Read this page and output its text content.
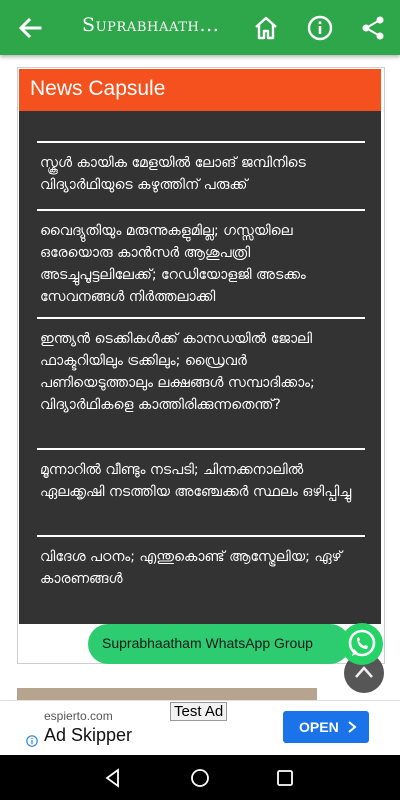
Suprabhaath...
News Capsule
സ്കൂൾ കായിക മേളയിൽ ലോങ് ജമ്പിനിടെ വിദ്യാർഥിയുടെ കഴുത്തിന് പരുക്ക്
വൈദ്യുതിയും മരുന്നുകളുമില്ല; ഗസ്സയിലെ ഒരേയൊരു കാൻസർ ആശുപത്രി അടച്ചുപൂട്ടലിലേക്ക്; റേഡിയോളജി അടക്കം സേവനങ്ങൾ നിർത്തലാക്കി
ഇന്ത്യൻ ടെക്കികൾക്ക് കാനഡയിൽ ജോലി ഫാക്ടറിയിലും ട്രക്കിലും; ഡ്രൈവർ പണിയെടുത്താലും ലക്ഷങ്ങൾ സമ്പാദിക്കാം; വിദ്യാർഥികളെ കാത്തിരിക്കുന്നതെന്ത്?
മൂന്നാറിൽ വീണ്ടും നടപടി; ചിന്നക്കനാലിൽ ഏലക്കൃഷി നടത്തിയ അഞ്ചേക്കർ സ്ഥലം ഒഴിപ്പിച്ചു
വിദേശ പഠനം; എന്തുകൊണ്ട് ആസ്ട്രേലിയ; ഏഴ് കാരണങ്ങൾ
Suprabhaatham WhatsApp Group
Test Ad
espierto.com
Ad Skipper	OPEN
